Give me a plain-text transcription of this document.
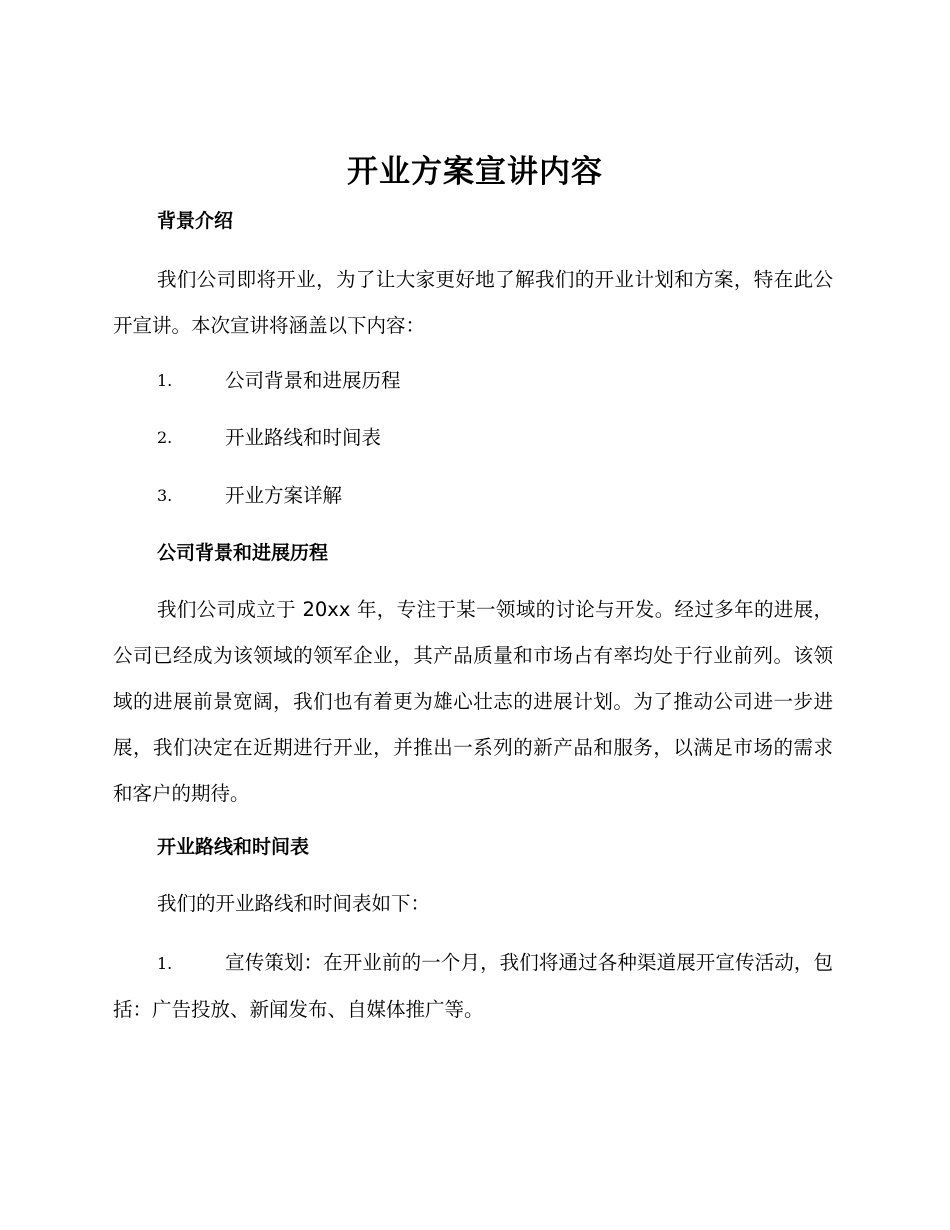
开业方案宣讲内容
背景介绍

我们公司即将开业，为了让大家更好地了解我们的开业计划和方案，特在此公开宣讲。本次宣讲将涵盖以下内容：

1.	公司背景和进展历程
2.	开业路线和时间表
3.	开业方案详解
公司背景和进展历程

我们公司成立于 20xx 年，专注于某一领域的讨论与开发。经过多年的进展，公司已经成为该领域的领军企业，其产品质量和市场占有率均处于行业前列。该领域的进展前景宽阔，我们也有着更为雄心壮志的进展计划。为了推动公司进一步进展，我们决定在近期进行开业，并推出一系列的新产品和服务，以满足市场的需求和客户的期待。

开业路线和时间表

我们的开业路线和时间表如下：

1.	宣传策划：在开业前的一个月，我们将通过各种渠道展开宣传活动，包括：广告投放、新闻发布、自媒体推广等。
